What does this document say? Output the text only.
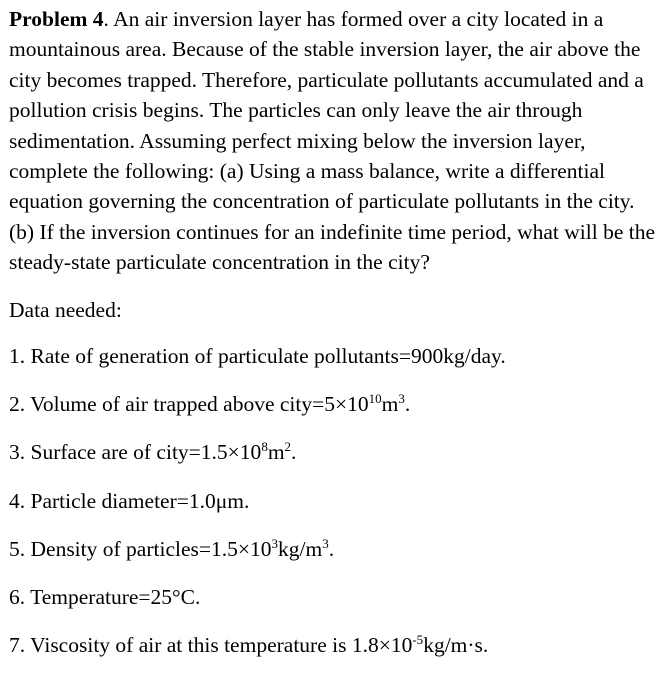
Problem 4. An air inversion layer has formed over a city located in a mountainous area. Because of the stable inversion layer, the air above the city becomes trapped. Therefore, particulate pollutants accumulated and a pollution crisis begins. The particles can only leave the air through sedimentation. Assuming perfect mixing below the inversion layer, complete the following: (a) Using a mass balance, write a differential equation governing the concentration of particulate pollutants in the city. (b) If the inversion continues for an indefinite time period, what will be the steady-state particulate concentration in the city?

Data needed:

1. Rate of generation of particulate pollutants=900kg/day.
2. Volume of air trapped above $city=5\times 10^{10}m^3$.
3. Surface are of $city=1.5\times 10^8m^2$.
4. Particle diameter=1.0μm.
5. Density of $particles=1.5\times 10^3kg/m^3$.
6. Temperature=25°C.
7. Viscosity of air at this temperature is $1.8\times 10^{-5}kg/m\cdot s$.
